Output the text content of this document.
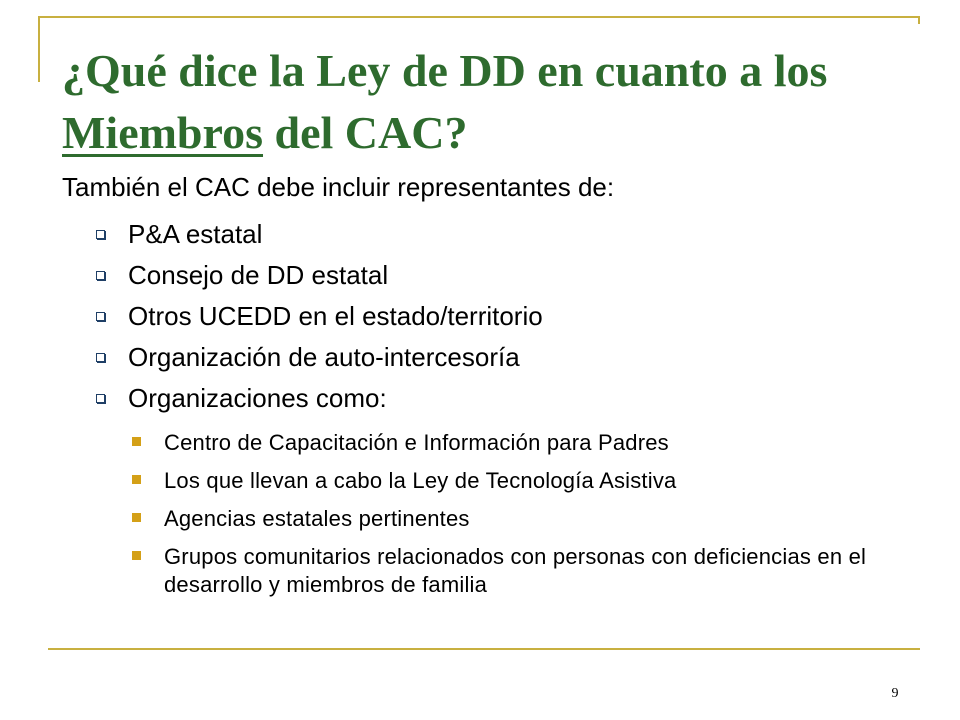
¿Qué dice la Ley de DD en cuanto a los Miembros del CAC?
También el CAC debe incluir representantes de:
P&A estatal
Consejo de DD estatal
Otros UCEDD en el estado/territorio
Organización de auto-intercesoría
Organizaciones como:
Centro de Capacitación e Información para Padres
Los que llevan a cabo la Ley de Tecnología Asistiva
Agencias estatales pertinentes
Grupos comunitarios relacionados con personas con deficiencias en el desarrollo y miembros de familia
9
